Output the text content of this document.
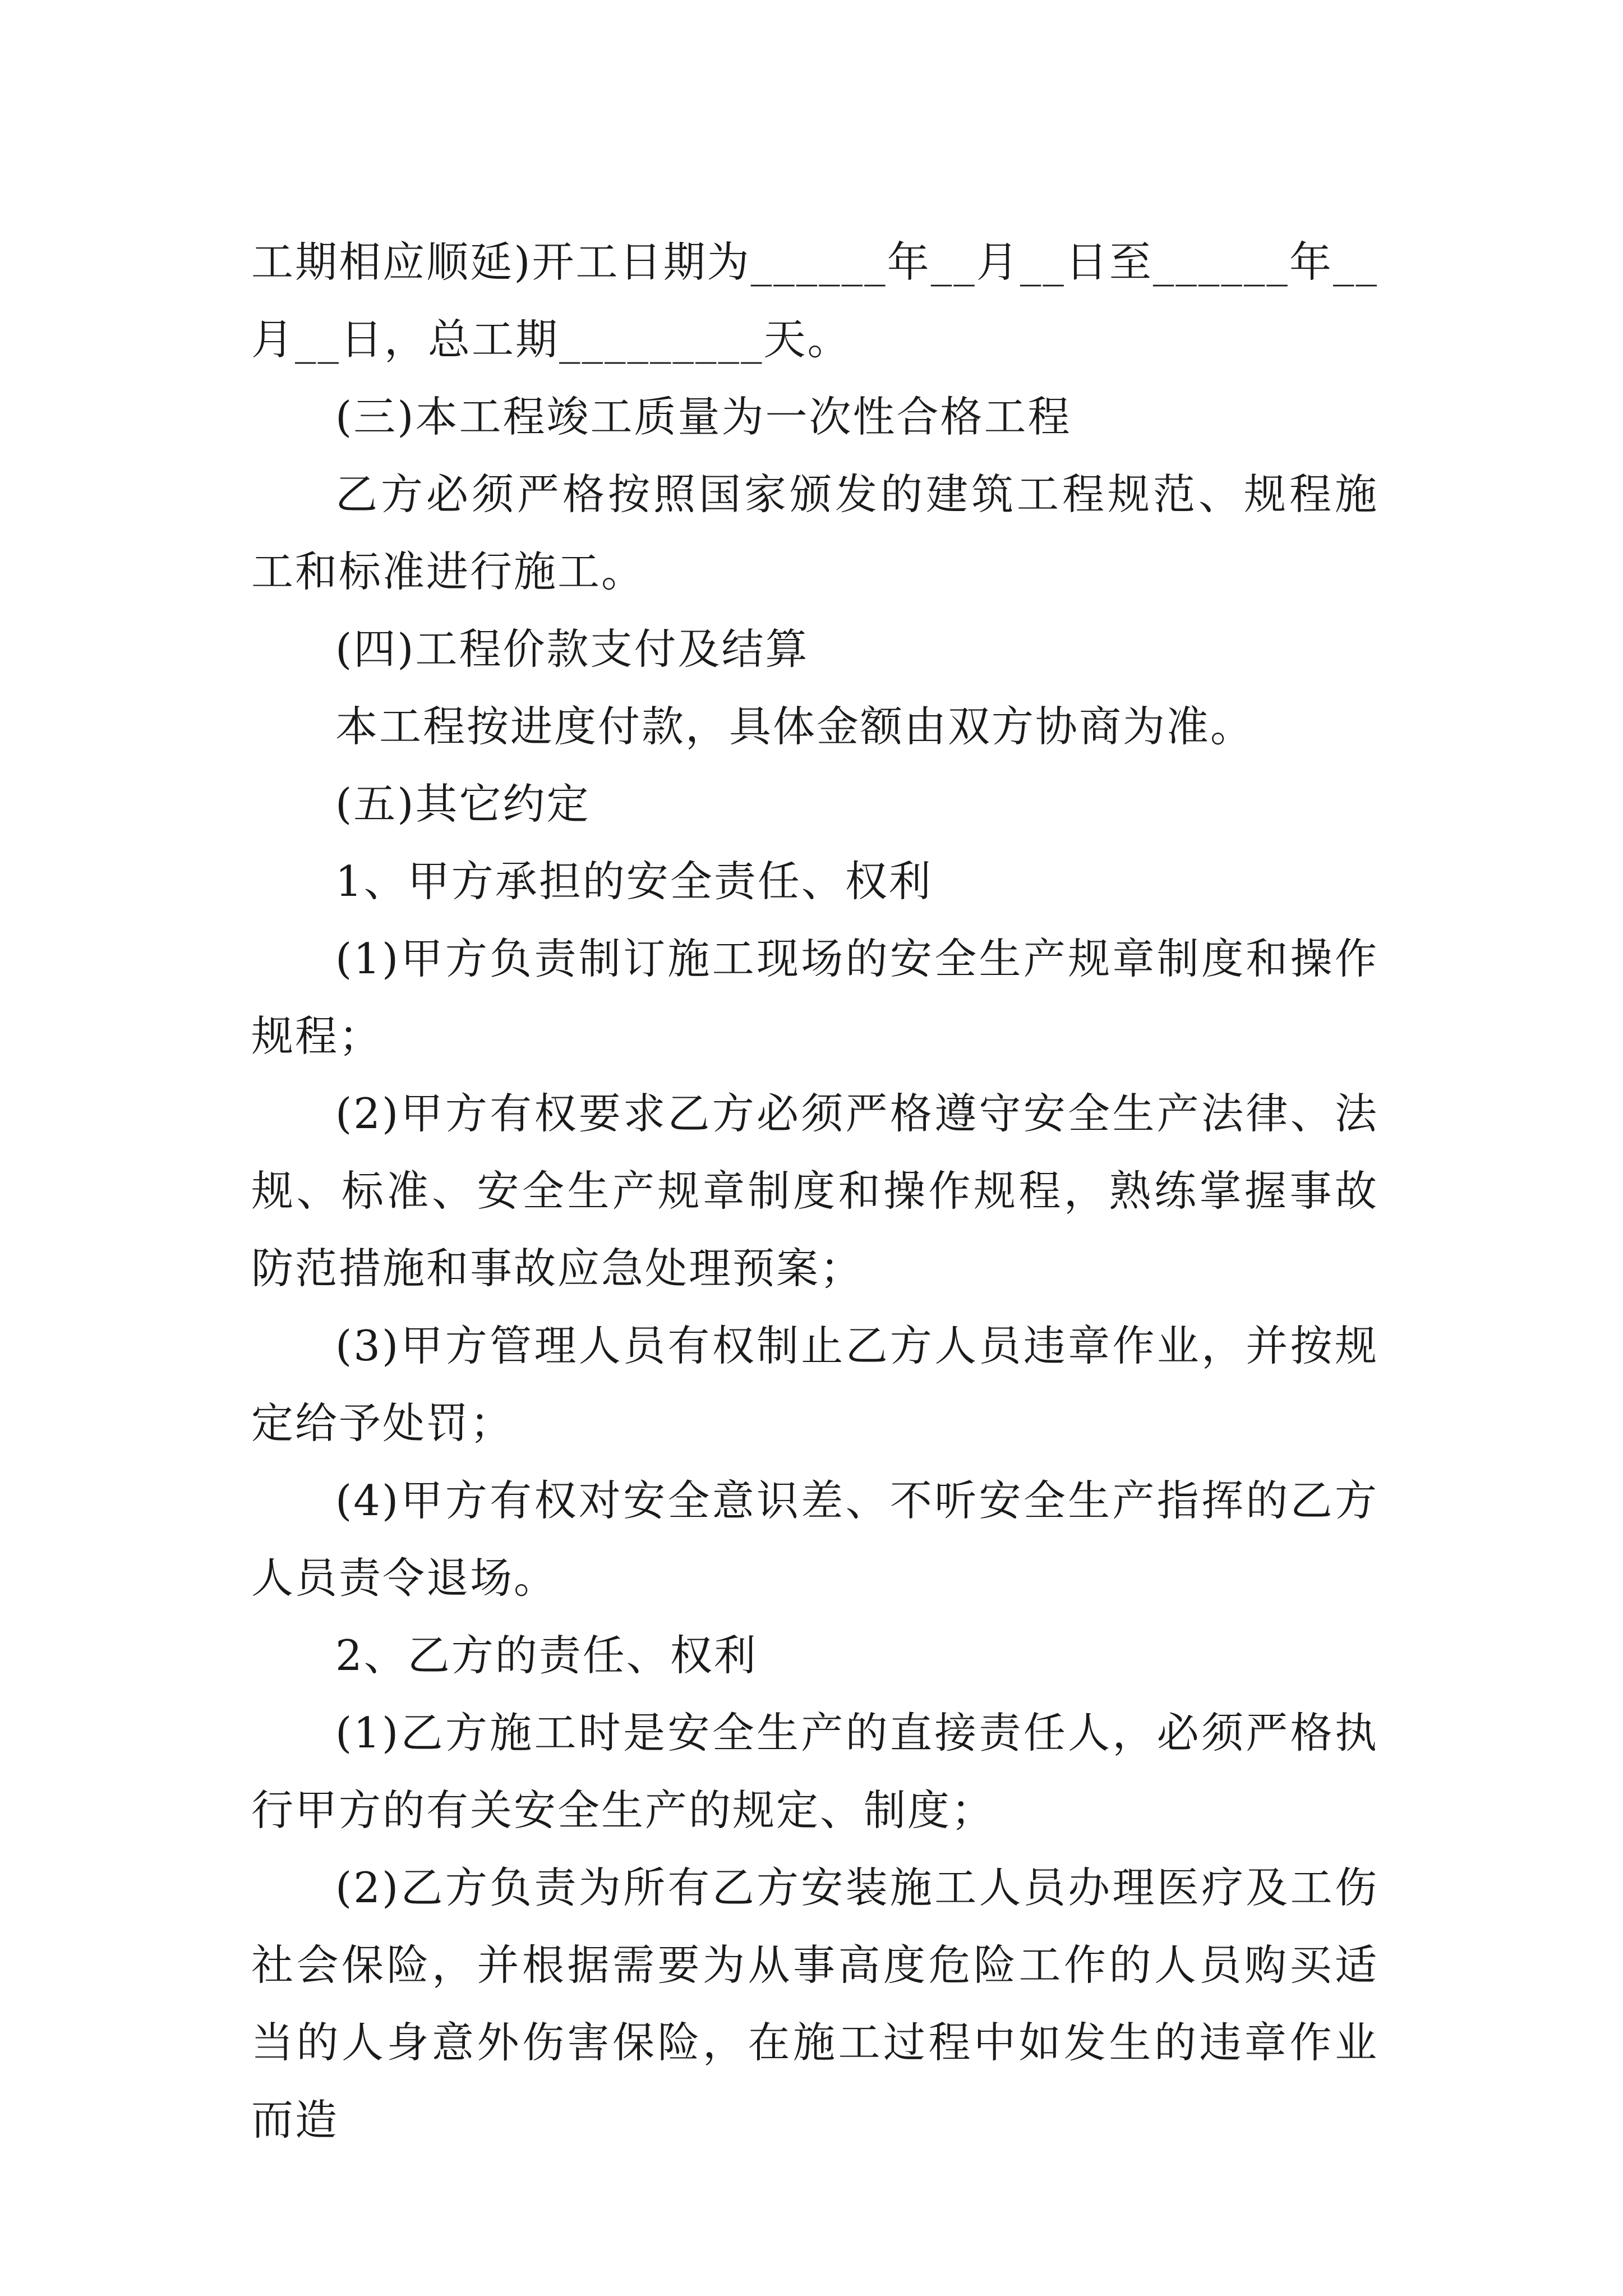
工期相应顺延)开工日期为______年__月__日至______年__月__日，总工期_________天。

(三)本工程竣工质量为一次性合格工程

乙方必须严格按照国家颁发的建筑工程规范、规程施工和标准进行施工。

(四)工程价款支付及结算

本工程按进度付款，具体金额由双方协商为准。

(五)其它约定

1、甲方承担的安全责任、权利

(1)甲方负责制订施工现场的安全生产规章制度和操作规程；

(2)甲方有权要求乙方必须严格遵守安全生产法律、法规、标准、安全生产规章制度和操作规程，熟练掌握事故防范措施和事故应急处理预案；

(3)甲方管理人员有权制止乙方人员违章作业，并按规定给予处罚；

(4)甲方有权对安全意识差、不听安全生产指挥的乙方人员责令退场。

2、乙方的责任、权利

(1)乙方施工时是安全生产的直接责任人，必须严格执行甲方的有关安全生产的规定、制度；

(2)乙方负责为所有乙方安装施工人员办理医疗及工伤社会保险，并根据需要为从事高度危险工作的人员购买适当的人身意外伤害保险，在施工过程中如发生的违章作业而造
